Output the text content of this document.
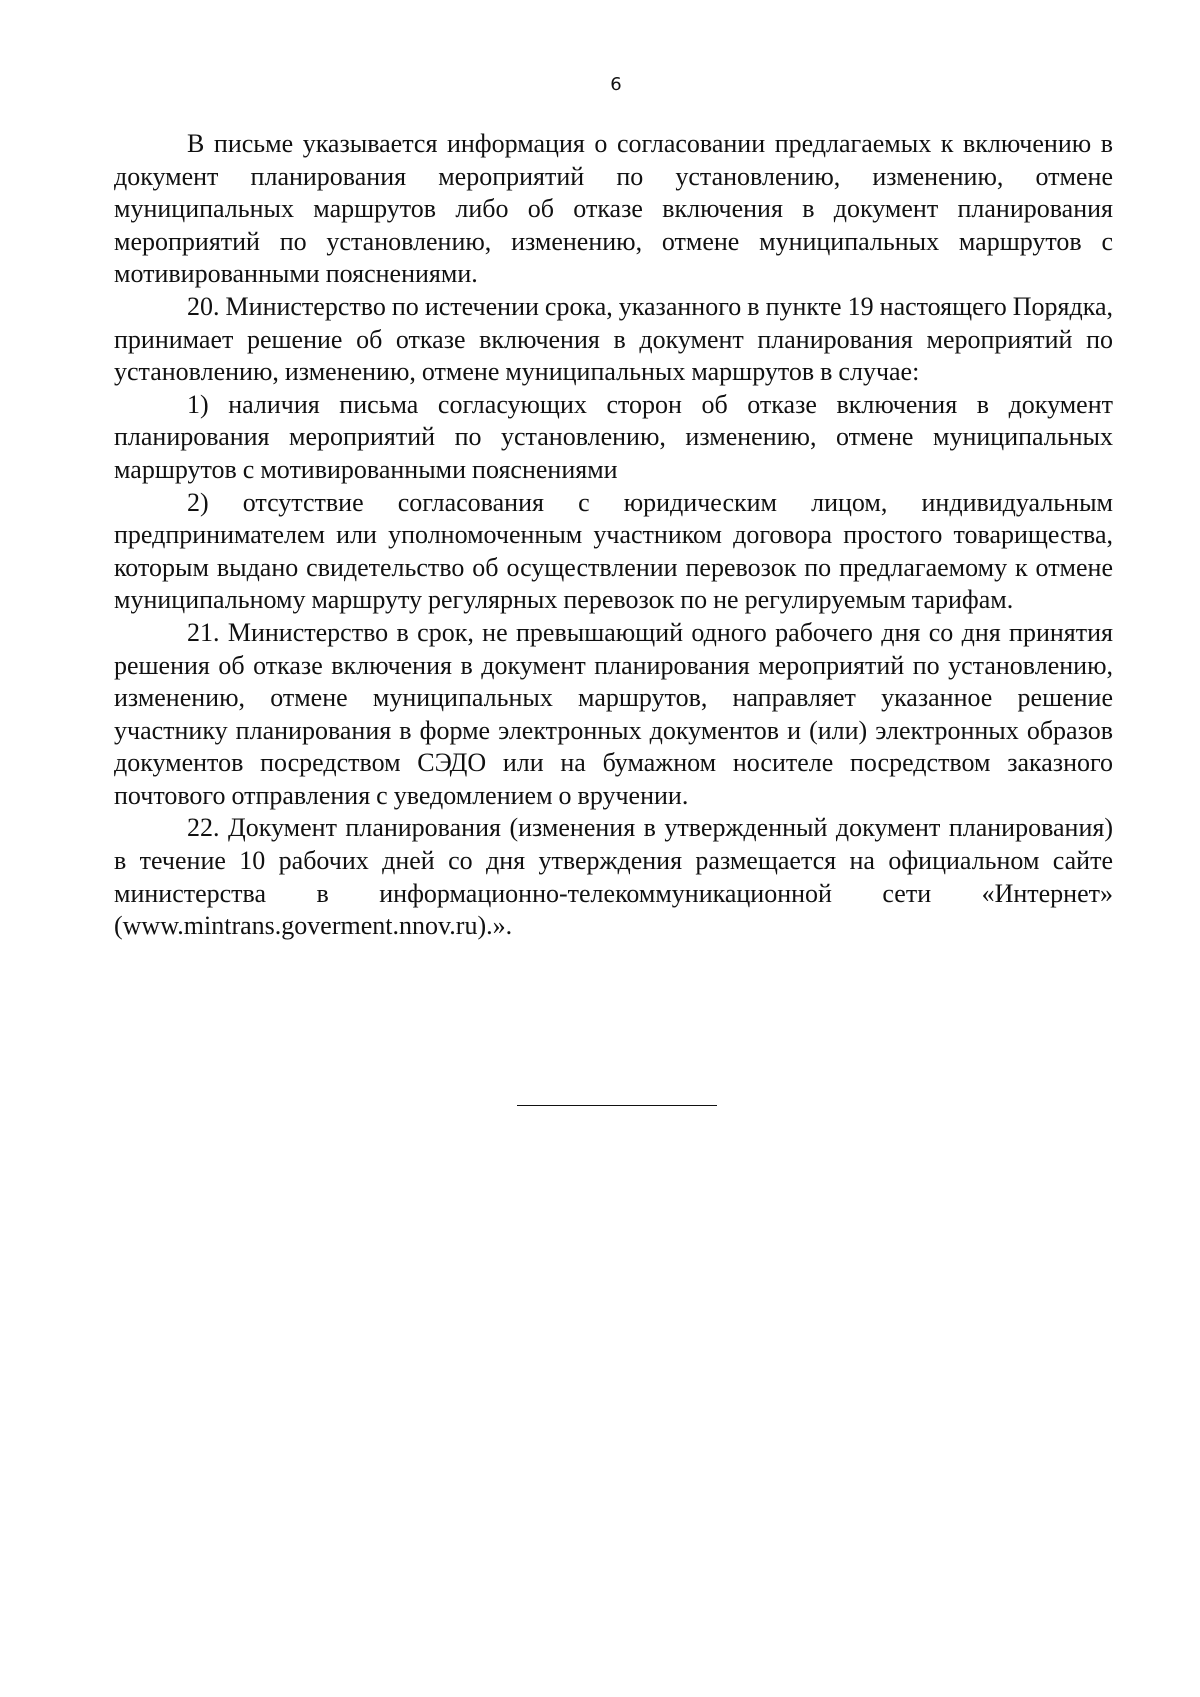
6

В письме указывается информация о согласовании предлагаемых к включению в документ планирования мероприятий по установлению, изменению, отмене муниципальных маршрутов либо об отказе включения в документ планирования мероприятий по установлению, изменению, отмене муниципальных маршрутов с мотивированными пояснениями.

20. Министерство по истечении срока, указанного в пункте 19 настоящего Порядка, принимает решение об отказе включения в документ планирования мероприятий по установлению, изменению, отмене муниципальных маршрутов в случае:

1) наличия письма согласующих сторон об отказе включения в документ планирования мероприятий по установлению, изменению, отмене муниципальных маршрутов с мотивированными пояснениями

2) отсутствие согласования с юридическим лицом, индивидуальным предпринимателем или уполномоченным участником договора простого товарищества, которым выдано свидетельство об осуществлении перевозок по предлагаемому к отмене муниципальному маршруту регулярных перевозок по не регулируемым тарифам.

21. Министерство в срок, не превышающий одного рабочего дня со дня принятия решения об отказе включения в документ планирования мероприятий по установлению, изменению, отмене муниципальных маршрутов, направляет указанное решение участнику планирования в форме электронных документов и (или) электронных образов документов посредством СЭДО или на бумажном носителе посредством заказного почтового отправления с уведомлением о вручении.

22. Документ планирования (изменения в утвержденный документ планирования) в течение 10 рабочих дней со дня утверждения размещается на официальном сайте министерства в информационно-телекоммуникационной сети «Интернет» (www.mintrans.goverment.nnov.ru).».
